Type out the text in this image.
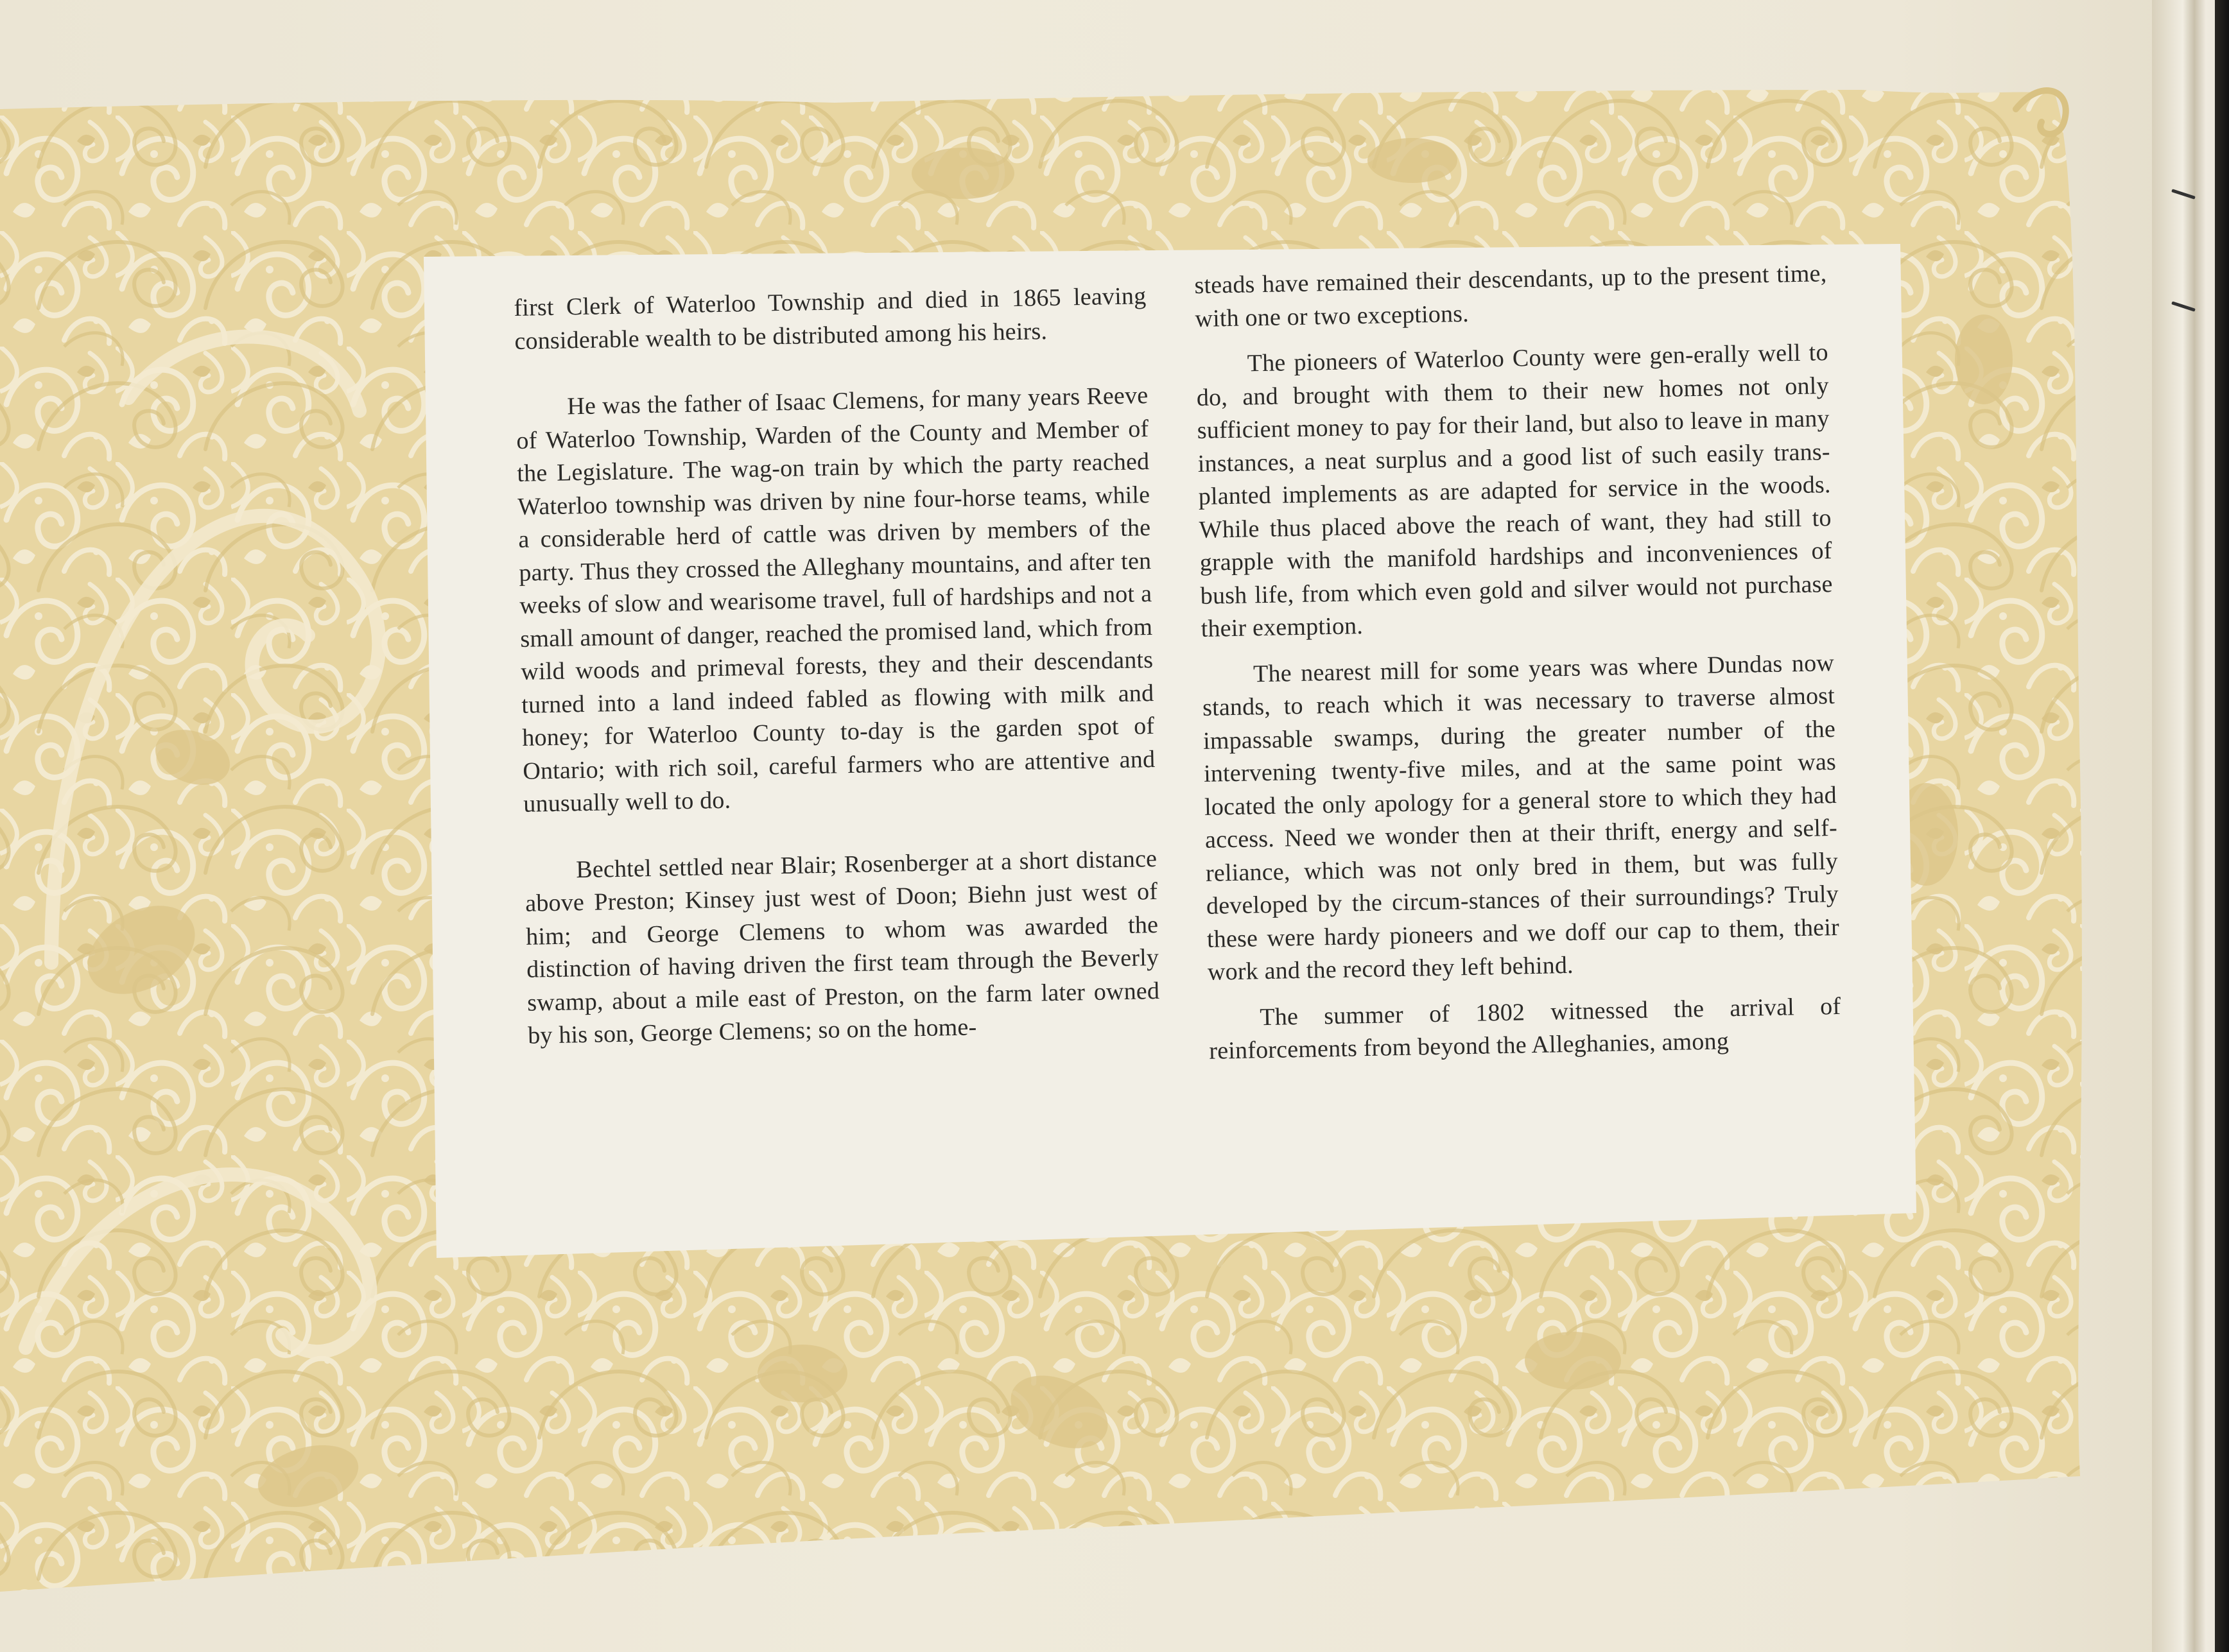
first Clerk of Waterloo Township and died in 1865 leaving considerable wealth to be distributed among his heirs.

He was the father of Isaac Clemens, for many years Reeve of Waterloo Township, Warden of the County and Member of the Legislature. The wag-on train by which the party reached Waterloo township was driven by nine four-horse teams, while a considerable herd of cattle was driven by members of the party. Thus they crossed the Alleghany mountains, and after ten weeks of slow and wearisome travel, full of hardships and not a small amount of danger, reached the promised land, which from wild woods and primeval forests, they and their descendants turned into a land indeed fabled as flowing with milk and honey; for Waterloo County to-day is the garden spot of Ontario; with rich soil, careful farmers who are attentive and unusually well to do.

Bechtel settled near Blair; Rosenberger at a short distance above Preston; Kinsey just west of Doon; Biehn just west of him; and George Clemens to whom was awarded the distinction of having driven the first team through the Beverly swamp, about a mile east of Preston, on the farm later owned by his son, George Clemens; so on the home-

steads have remained their descendants, up to the present time, with one or two exceptions.

The pioneers of Waterloo County were gen-erally well to do, and brought with them to their new homes not only sufficient money to pay for their land, but also to leave in many instances, a neat surplus and a good list of such easily trans-planted implements as are adapted for service in the woods. While thus placed above the reach of want, they had still to grapple with the manifold hardships and inconveniences of bush life, from which even gold and silver would not purchase their exemption.

The nearest mill for some years was where Dundas now stands, to reach which it was necessary to traverse almost impassable swamps, during the greater number of the intervening twenty-five miles, and at the same point was located the only apology for a general store to which they had access. Need we wonder then at their thrift, energy and self-reliance, which was not only bred in them, but was fully developed by the circum-stances of their surroundings? Truly these were hardy pioneers and we doff our cap to them, their work and the record they left behind.

The summer of 1802 witnessed the arrival of reinforcements from beyond the Alleghanies, among
